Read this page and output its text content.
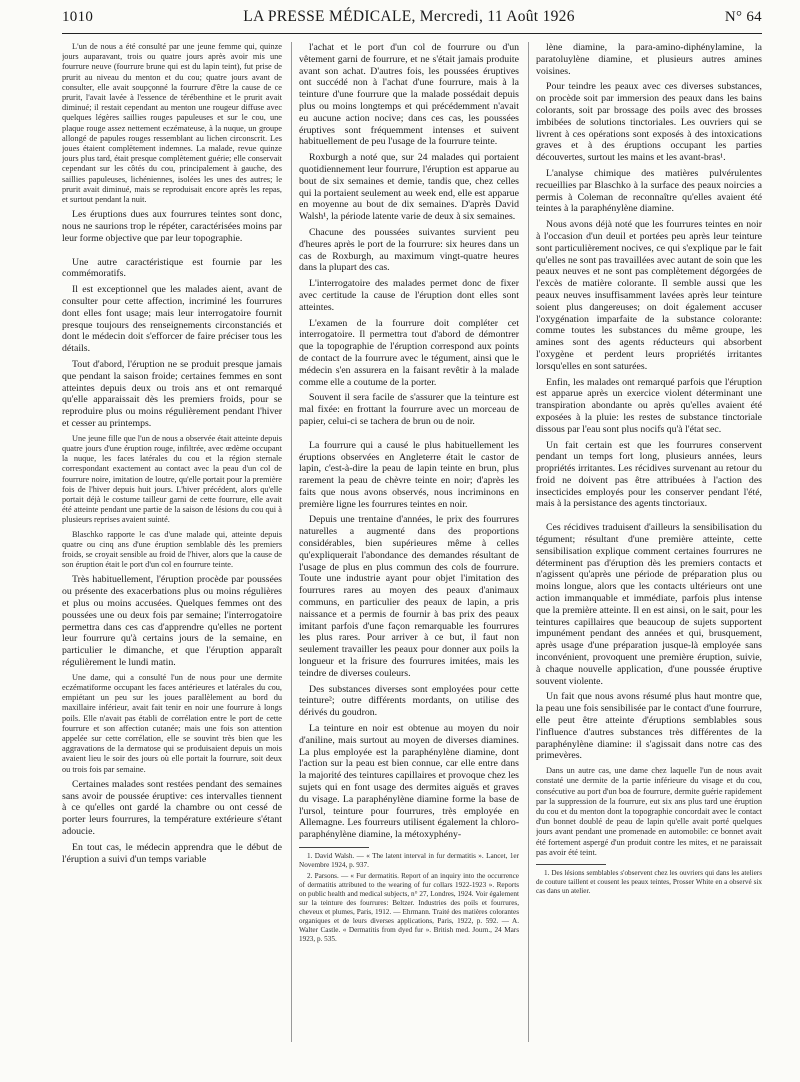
1010	LA PRESSE MÉDICALE, Mercredi, 11 Août 1926	N° 64

L'un de nous a été consulté par une jeune femme qui, quinze jours auparavant, trois ou quatre jours après avoir mis une fourrure neuve (fourrure brune qui est du lapin teint), fut prise de prurit au niveau du menton et du cou; quatre jours avant de consulter, elle avait soupçonné la fourrure d'être la cause de ce prurit, l'avait lavée à l'essence de térébenthine et le prurit avait diminué; il restait cependant au menton une rougeur diffuse avec quelques légères saillies rouges papuleuses et sur le cou, une plaque rouge assez nettement eczémateuse, à la nuque, un groupe allongé de papules rouges ressemblant au lichen circonscrit. Les joues étaient complètement indemnes. La malade, revue quinze jours plus tard, était presque complètement guérie; elle conservait cependant sur les côtés du cou, principalement à gauche, des saillies papuleuses, lichéniennes, isolées les unes des autres; le prurit avait diminué, mais se reproduisait encore après les repas, et surtout pendant la nuit.

Les éruptions dues aux fourrures teintes sont donc, nous ne saurions trop le répéter, caractérisées moins par leur forme objective que par leur topographie.

Une autre caractéristique est fournie par les commémoratifs.

Il est exceptionnel que les malades aient, avant de consulter pour cette affection, incriminé les fourrures dont elles font usage; mais leur interrogatoire fournit presque toujours des renseignements circonstanciés et dont le médecin doit s'efforcer de faire préciser tous les détails.

Tout d'abord, l'éruption ne se produit presque jamais que pendant la saison froide; certaines femmes en sont atteintes depuis deux ou trois ans et ont remarqué qu'elle apparaissait dès les premiers froids, pour se reproduire plus ou moins régulièrement pendant l'hiver et cesser au printemps.

Une jeune fille que l'un de nous a observée était atteinte depuis quatre jours d'une éruption rouge, infiltrée, avec œdème occupant la nuque, les faces latérales du cou et la région sternale correspondant exactement au contact avec la peau d'un col de fourrure noire, imitation de loutre, qu'elle portait pour la première fois de l'hiver depuis huit jours. L'hiver précédent, alors qu'elle portait déjà le costume tailleur garni de cette fourrure, elle avait été atteinte pendant une partie de la saison de lésions du cou qui à plusieurs reprises avaient suinté.

Blaschko rapporte le cas d'une malade qui, atteinte depuis quatre ou cinq ans d'une éruption semblable dès les premiers froids, se croyait sensible au froid de l'hiver, alors que la cause de son éruption était le port d'un col en fourrure teinte.

Très habituellement, l'éruption procède par poussées ou présente des exacerbations plus ou moins régulières et plus ou moins accusées. Quelques femmes ont des poussées une ou deux fois par semaine; l'interrogatoire permettra dans ces cas d'apprendre qu'elles ne portent leur fourrure qu'à certains jours de la semaine, en particulier le dimanche, et que l'éruption apparaît régulièrement le lundi matin.

Une dame, qui a consulté l'un de nous pour une dermite eczématiforme occupant les faces antérieures et latérales du cou, empiétant un peu sur les joues parallèlement au bord du maxillaire inférieur, avait fait tenir en noir une fourrure à longs poils. Elle n'avait pas établi de corrélation entre le port de cette fourrure et son affection cutanée; mais une fois son attention appelée sur cette corrélation, elle se souvint très bien que les aggravations de la dermatose qui se produisaient depuis un mois avaient lieu le soir des jours où elle portait la fourrure, soit deux ou trois fois par semaine.

Certaines malades sont restées pendant des semaines sans avoir de poussée éruptive: ces intervalles tiennent à ce qu'elles ont gardé la chambre ou ont cessé de porter leurs fourrures, la température extérieure s'étant adoucie.

En tout cas, le médecin apprendra que le début de l'éruption a suivi d'un temps variable

l'achat et le port d'un col de fourrure ou d'un vêtement garni de fourrure, et ne s'était jamais produite avant son achat. D'autres fois, les poussées éruptives ont succédé non à l'achat d'une fourrure, mais à la teinture d'une fourrure que la malade possédait depuis plus ou moins longtemps et qui précédemment n'avait eu aucune action nocive; dans ces cas, les poussées éruptives sont fréquemment intenses et suivent habituellement de peu l'usage de la fourrure teinte.

Roxburgh a noté que, sur 24 malades qui portaient quotidiennement leur fourrure, l'éruption est apparue au bout de six semaines et demie, tandis que, chez celles qui la portaient seulement au week end, elle est apparue en moyenne au bout de dix semaines. D'après David Walsh¹, la période latente varie de deux à six semaines.

Chacune des poussées suivantes survient peu d'heures après le port de la fourrure: six heures dans un cas de Roxburgh, au maximum vingt-quatre heures dans la plupart des cas.

L'interrogatoire des malades permet donc de fixer avec certitude la cause de l'éruption dont elles sont atteintes.

L'examen de la fourrure doit compléter cet interrogatoire. Il permettra tout d'abord de démontrer que la topographie de l'éruption correspond aux points de contact de la fourrure avec le tégument, ainsi que le médecin s'en assurera en la faisant revêtir à la malade comme elle a coutume de la porter.

Souvent il sera facile de s'assurer que la teinture est mal fixée: en frottant la fourrure avec un morceau de papier, celui-ci se tachera de brun ou de noir.

La fourrure qui a causé le plus habituellement les éruptions observées en Angleterre était le castor de lapin, c'est-à-dire la peau de lapin teinte en brun, plus rarement la peau de chèvre teinte en noir; d'après les faits que nous avons observés, nous incriminons en première ligne les fourrures teintes en noir.

Depuis une trentaine d'années, le prix des fourrures naturelles a augmenté dans des proportions considérables, bien supérieures même à celles qu'expliquerait l'abondance des demandes résultant de l'usage de plus en plus commun des cols de fourrure. Toute une industrie ayant pour objet l'imitation des fourrures rares au moyen des peaux d'animaux communs, en particulier des peaux de lapin, a pris naissance et a permis de fournir à bas prix des peaux imitant parfois d'une façon remarquable les fourrures les plus rares. Pour arriver à ce but, il faut non seulement travailler les peaux pour donner aux poils la longueur et la frisure des fourrures imitées, mais les teindre de diverses couleurs.

Des substances diverses sont employées pour cette teinture²; outre différents mordants, on utilise des dérivés du goudron.

La teinture en noir est obtenue au moyen du noir d'aniline, mais surtout au moyen de diverses diamines. La plus employée est la paraphénylène diamine, dont l'action sur la peau est bien connue, car elle entre dans la majorité des teintures capillaires et provoque chez les sujets qui en font usage des dermites aiguës et graves du visage. La paraphénylène diamine forme la base de l'ursol, teinture pour fourrures, très employée en Allemagne. Les fourreurs utilisent également la chloro-paraphénylène diamine, la métoxyphény-

1. David Walsh. — « The latent interval in fur dermatitis ». Lancet, 1er Novembre 1924, p. 937.

2. Parsons. — « Fur dermatitis. Report of an inquiry into the occurrence of dermatitis attributed to the wearing of fur collars 1922-1923 ». Reports on public health and medical subjects, n° 27, Londres, 1924. Voir également sur la teinture des fourrures: Beltzer. Industries des poils et fourrures, cheveux et plumes, Paris, 1912. — Ehrmann. Traité des matières colorantes organiques et de leurs diverses applications, Paris, 1922, p. 592. — A. Walter Castle. « Dermatitis from dyed fur ». British med. Journ., 24 Mars 1923, p. 535.

lène diamine, la para-amino-diphénylamine, la paratoluylène diamine, et plusieurs autres amines voisines.

Pour teindre les peaux avec ces diverses substances, on procède soit par immersion des peaux dans les bains colorants, soit par brossage des poils avec des brosses imbibées de solutions tinctoriales. Les ouvriers qui se livrent à ces opérations sont exposés à des intoxications graves et à des éruptions occupant les parties découvertes, surtout les mains et les avant-bras¹.

L'analyse chimique des matières pulvérulentes recueillies par Blaschko à la surface des peaux noircies a permis à Coleman de reconnaître qu'elles avaient été teintes à la paraphénylène diamine.

Nous avons déjà noté que les fourrures teintes en noir à l'occasion d'un deuil et portées peu après leur teinture sont particulièrement nocives, ce qui s'explique par le fait qu'elles ne sont pas travaillées avec autant de soin que les peaux neuves et ne sont pas complètement dégorgées de l'excès de matière colorante. Il semble aussi que les peaux neuves insuffisamment lavées après leur teinture soient plus dangereuses; on doit également accuser l'oxygénation imparfaite de la substance colorante: comme toutes les substances du même groupe, les amines sont des agents réducteurs qui absorbent l'oxygène et perdent leurs propriétés irritantes lorsqu'elles en sont saturées.

Enfin, les malades ont remarqué parfois que l'éruption est apparue après un exercice violent déterminant une transpiration abondante ou après qu'elles avaient été exposées à la pluie: les restes de substance tinctoriale dissous par l'eau sont plus nocifs qu'à l'état sec.

Un fait certain est que les fourrures conservent pendant un temps fort long, plusieurs années, leurs propriétés irritantes. Les récidives survenant au retour du froid ne doivent pas être attribuées à l'action des insecticides employés pour les conserver pendant l'été, mais à la persistance des agents tinctoriaux.

Ces récidives traduisent d'ailleurs la sensibilisation du tégument; résultant d'une première atteinte, cette sensibilisation explique comment certaines fourrures ne déterminent pas d'éruption dès les premiers contacts et n'agissent qu'après une période de préparation plus ou moins longue, alors que les contacts ultérieurs ont une action immanquable et immédiate, parfois plus intense que la première atteinte. Il en est ainsi, on le sait, pour les teintures capillaires que beaucoup de sujets supportent impunément pendant des années et qui, brusquement, après usage d'une préparation jusque-là employée sans inconvénient, provoquent une première éruption, suivie, à chaque nouvelle application, d'une poussée éruptive souvent violente.

Un fait que nous avons résumé plus haut montre que, la peau une fois sensibilisée par le contact d'une fourrure, elle peut être atteinte d'éruptions semblables sous l'influence d'autres substances très différentes de la paraphénylène diamine: il s'agissait dans notre cas des primevères.

Dans un autre cas, une dame chez laquelle l'un de nous avait constaté une dermite de la partie inférieure du visage et du cou, consécutive au port d'un boa de fourrure, dermite guérie rapidement par la suppression de la fourrure, eut six ans plus tard une éruption du cou et du menton dont la topographie concordait avec le contact d'un bonnet doublé de peau de lapin qu'elle avait porté quelques jours avant pendant une promenade en automobile: ce bonnet avait été fortement aspergé d'un produit contre les mites, et ne paraissait pas avoir été teint.

1. Des lésions semblables s'observent chez les ouvriers qui dans les ateliers de couture taillent et cousent les peaux teintes, Prosser White en a observé six cas dans un atelier.
